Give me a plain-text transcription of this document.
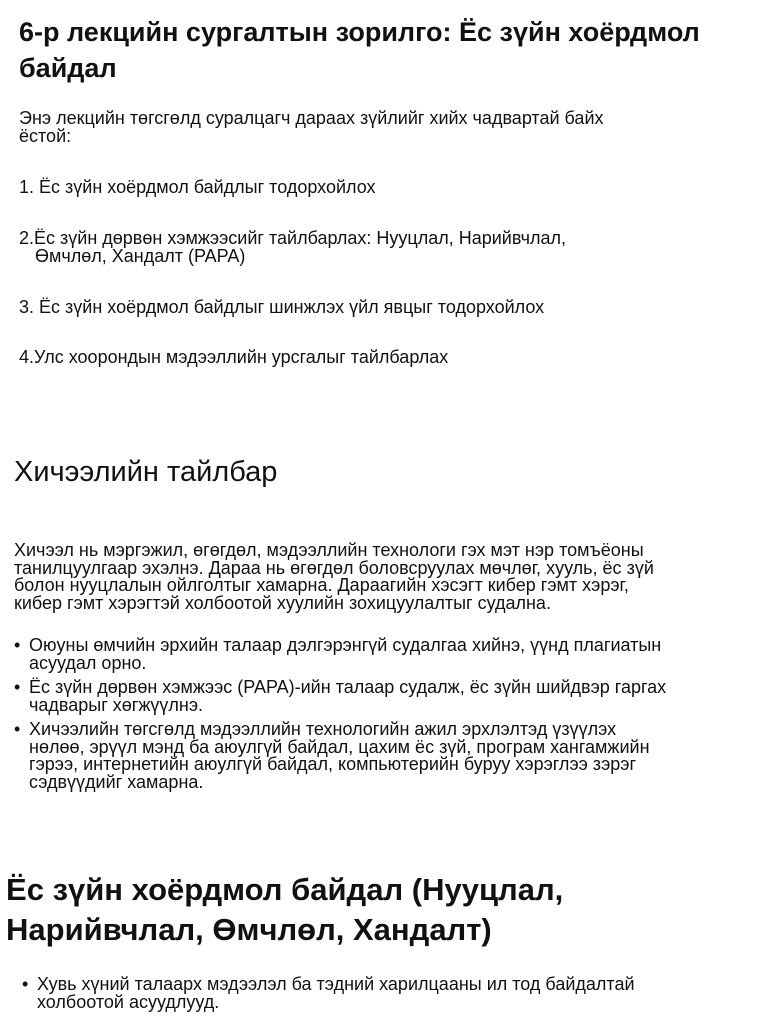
6-р лекцийн сургалтын зорилго: Ёс зүйн хоёрдмол байдал

Энэ лекцийн төгсгөлд суралцагч дараах зүйлийг хийх чадвартай байх ёстой:

1. Ёс зүйн хоёрдмол байдлыг тодорхойлох
2.Ёс зүйн дөрвөн хэмжээсийг тайлбарлах: Нууцлал, Нарийвчлал,
Өмчлөл, Хандалт (PAPA)
3. Ёс зүйн хоёрдмол байдлыг шинжлэх үйл явцыг тодорхойлох
4.Улс хоорондын мэдээллийн урсгалыг тайлбарлах
Хичээлийн тайлбар

Хичээл нь мэргэжил, өгөгдөл, мэдээллийн технологи гэх мэт нэр томъёоны танилцуулгаар эхэлнэ. Дараа нь өгөгдөл боловсруулах мөчлөг, хууль, ёс зүй болон нууцлалын ойлголтыг хамарна. Дараагийн хэсэгт кибер гэмт хэрэг, кибер гэмт хэрэгтэй холбоотой хуулийн зохицуулалтыг судална.

• Оюуны өмчийн эрхийн талаар дэлгэрэнгүй судалгаа хийнэ, үүнд плагиатын асуудал орно.
• Ёс зүйн дөрвөн хэмжээс (PAPA)-ийн талаар судалж, ёс зүйн шийдвэр гаргах чадварыг хөгжүүлнэ.
• Хичээлийн төгсгөлд мэдээллийн технологийн ажил эрхлэлтэд үзүүлэх нөлөө, эрүүл мэнд ба аюулгүй байдал, цахим ёс зүй, програм хангамжийн гэрээ, интернетийн аюулгүй байдал, компьютерийн буруу хэрэглээ зэрэг сэдвүүдийг хамарна.
Ёс зүйн хоёрдмол байдал (Нууцлал, Нарийвчлал, Өмчлөл, Хандалт)
• Хувь хүний талаарх мэдээлэл ба тэдний харилцааны ил тод байдалтай холбоотой асуудлууд.
